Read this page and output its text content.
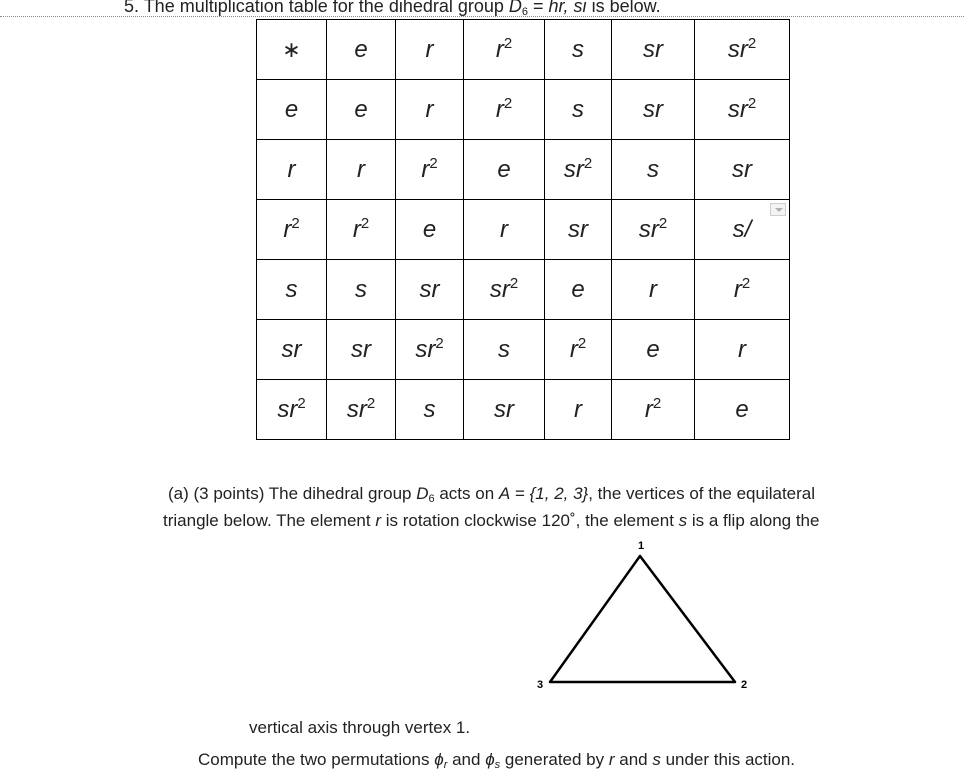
5. The multiplication table for the dihedral group $D_6$ = hr, si is below.
∗	e	r	$r^2$	s	sr	$sr^2$
e	e	r	$r^2$	s	sr	$sr^2$
r	r	$r^2$	e	$sr^2$	s	sr
$r^2$	$r^2$	e	r	sr	$sr^2$	s/

s	s	sr	$sr^2$	e	r	$r^2$
sr	sr	$sr^2$	s	$r^2$	e	r
$sr^2$	$sr^2$	s	sr	r	$r^2$	e
(a) (3 points) The dihedral group $D_6$ acts on A = {1, 2, 3}, the vertices of the equilateral
triangle below. The element r is rotation clockwise 120˚, the element s is a flip along the
1
2
3
vertical axis through vertex 1.
Compute the two permutations $\phi_r$ and $\phi_s$ generated by r and s under this action.
